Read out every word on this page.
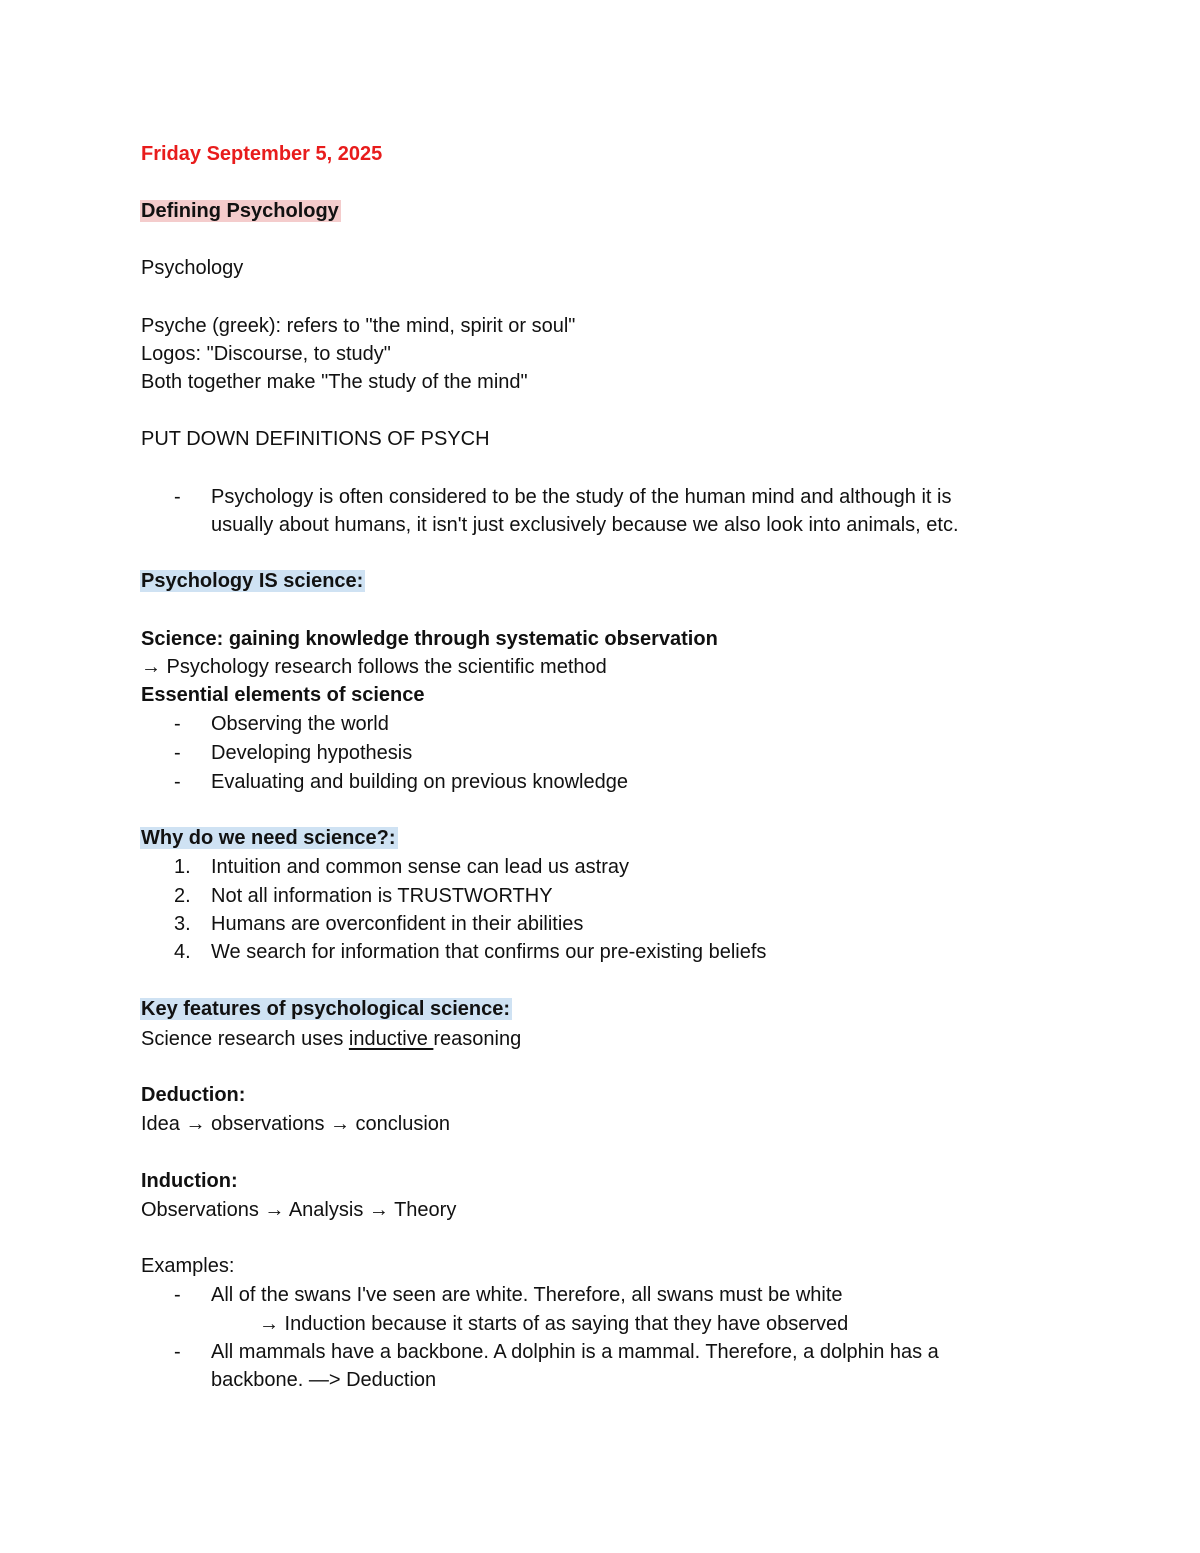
Friday September 5, 2025
Defining Psychology
Psychology
Psyche (greek): refers to "the mind, spirit or soul"
Logos: "Discourse, to study"
Both together make "The study of the mind"
PUT DOWN DEFINITIONS OF PSYCH
- Psychology is often considered to be the study of the human mind and although it is
usually about humans, it isn't just exclusively because we also look into animals, etc.
Psychology IS science:
Science: gaining knowledge through systematic observation
→ Psychology research follows the scientific method
Essential elements of science
- Observing the world
- Developing hypothesis
- Evaluating and building on previous knowledge
Why do we need science?:
1. Intuition and common sense can lead us astray
2. Not all information is TRUSTWORTHY
3. Humans are overconfident in their abilities
4. We search for information that confirms our pre-existing beliefs
Key features of psychological science:
Science research uses inductive reasoning
Deduction:
Idea → observations → conclusion
Induction:
Observations → Analysis → Theory
Examples:
- All of the swans I've seen are white. Therefore, all swans must be white
→ Induction because it starts of as saying that they have observed
- All mammals have a backbone. A dolphin is a mammal. Therefore, a dolphin has a
backbone. —> Deduction
